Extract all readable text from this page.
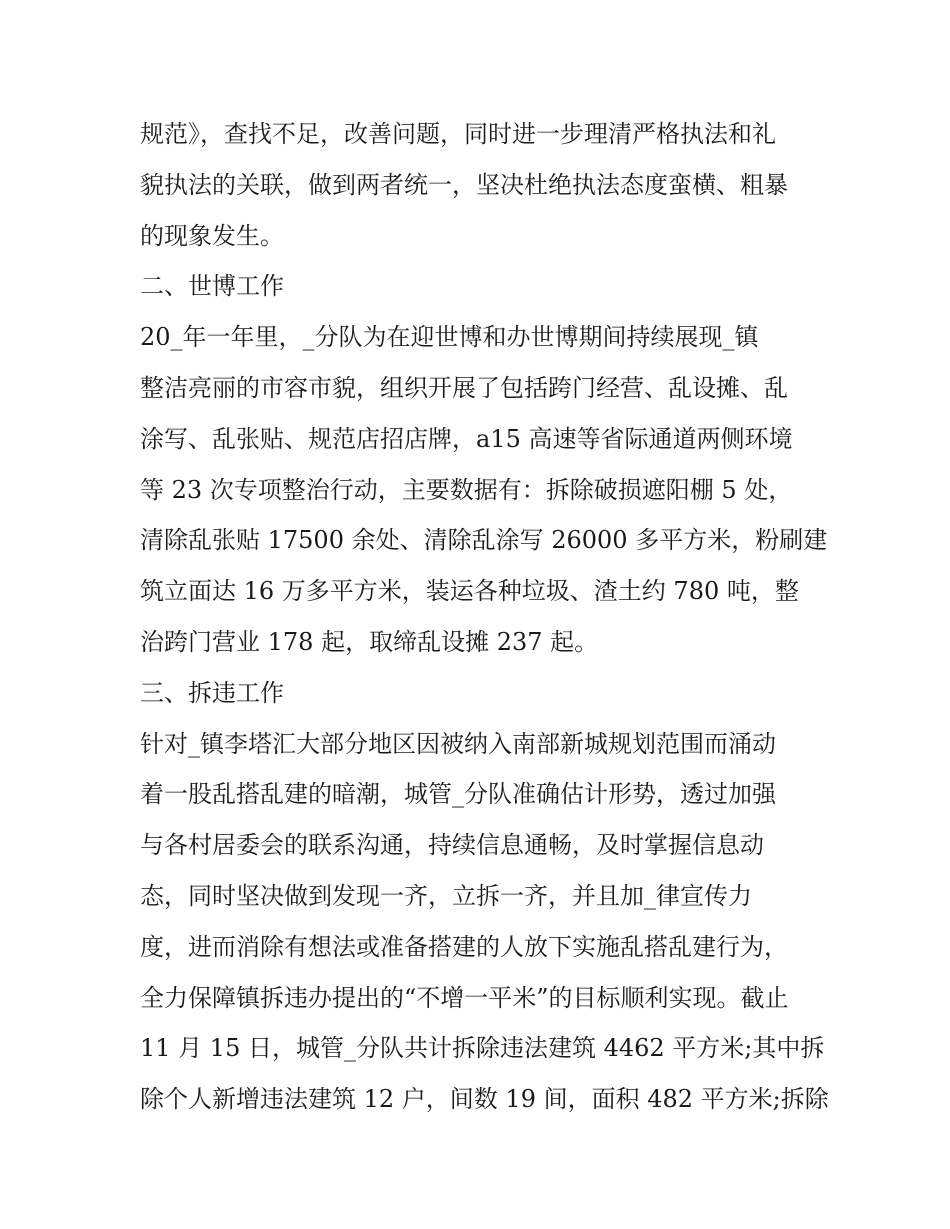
规范》，查找不足，改善问题，同时进一步理清严格执法和礼
貌执法的关联，做到两者统一，坚决杜绝执法态度蛮横、粗暴
的现象发生。
二、世博工作
20_年一年里，_分队为在迎世博和办世博期间持续展现_镇
整洁亮丽的市容市貌，组织开展了包括跨门经营、乱设摊、乱
涂写、乱张贴、规范店招店牌，a15 高速等省际通道两侧环境
等 23 次专项整治行动，主要数据有：拆除破损遮阳棚 5 处，
清除乱张贴 17500 余处、清除乱涂写 26000 多平方米，粉刷建
筑立面达 16 万多平方米，装运各种垃圾、渣土约 780 吨，整
治跨门营业 178 起，取缔乱设摊 237 起。
三、拆违工作
针对_镇李塔汇大部分地区因被纳入南部新城规划范围而涌动
着一股乱搭乱建的暗潮，城管_分队准确估计形势，透过加强
与各村居委会的联系沟通，持续信息通畅，及时掌握信息动
态，同时坚决做到发现一齐，立拆一齐，并且加_律宣传力
度，进而消除有想法或准备搭建的人放下实施乱搭乱建行为，
全力保障镇拆违办提出的“不增一平米”的目标顺利实现。截止
11 月 15 日，城管_分队共计拆除违法建筑 4462 平方米;其中拆
除个人新增违法建筑 12 户，间数 19 间，面积 482 平方米;拆除
